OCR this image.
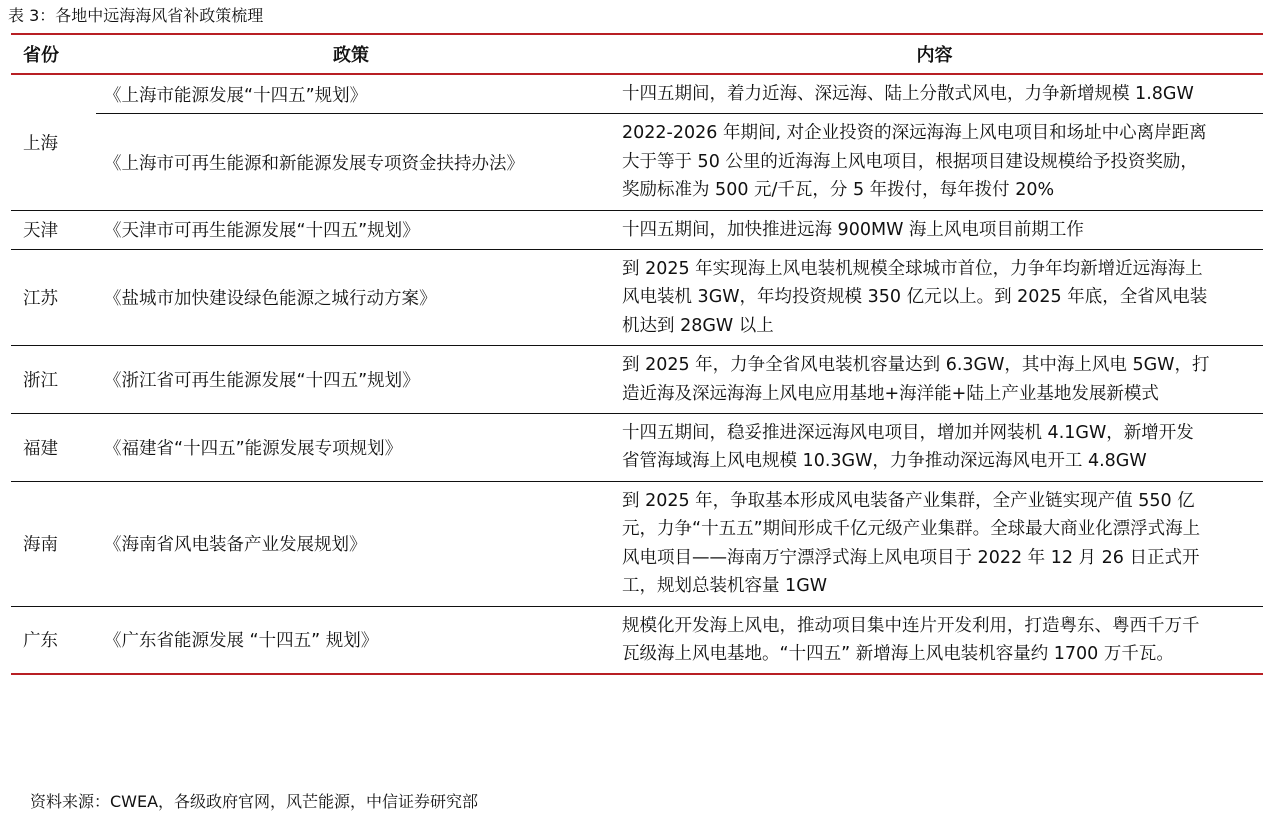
表 3：各地中远海海风省补政策梳理
省份	政策	内容
上海	《上海市能源发展“十四五”规划》	十四五期间，着力近海、深远海、陆上分散式风电，力争新增规模 1.8GW

	《上海市可再生能源和新能源发展专项资金扶持办法》	2022-2026 年期间, 对企业投资的深远海海上风电项目和场址中心离岸距离
大于等于 50 公里的近海海上风电项目，根据项目建设规模给予投资奖励，
奖励标准为 500 元/千瓦，分 5 年拨付，每年拨付 20%

天津	《天津市可再生能源发展“十四五”规划》	十四五期间，加快推进远海 900MW 海上风电项目前期工作

江苏	《盐城市加快建设绿色能源之城行动方案》	到 2025 年实现海上风电装机规模全球城市首位，力争年均新增近远海海上
风电装机 3GW，年均投资规模 350 亿元以上。到 2025 年底，全省风电装
机达到 28GW 以上

浙江	《浙江省可再生能源发展“十四五”规划》	到 2025 年，力争全省风电装机容量达到 6.3GW，其中海上风电 5GW，打
造近海及深远海海上风电应用基地+海洋能+陆上产业基地发展新模式

福建	《福建省“十四五”能源发展专项规划》	十四五期间，稳妥推进深远海风电项目，增加并网装机 4.1GW，新增开发
省管海域海上风电规模 10.3GW，力争推动深远海风电开工 4.8GW

海南	《海南省风电装备产业发展规划》	到 2025 年，争取基本形成风电装备产业集群，全产业链实现产值 550 亿
元，力争“十五五”期间形成千亿元级产业集群。全球最大商业化漂浮式海上
风电项目——海南万宁漂浮式海上风电项目于 2022 年 12 月 26 日正式开
工，规划总装机容量 1GW

广东	《广东省能源发展 “十四五” 规划》	规模化开发海上风电，推动项目集中连片开发利用，打造粤东、粤西千万千
瓦级海上风电基地。“十四五” 新增海上风电装机容量约 1700 万千瓦。
资料来源：CWEA，各级政府官网，风芒能源，中信证券研究部
